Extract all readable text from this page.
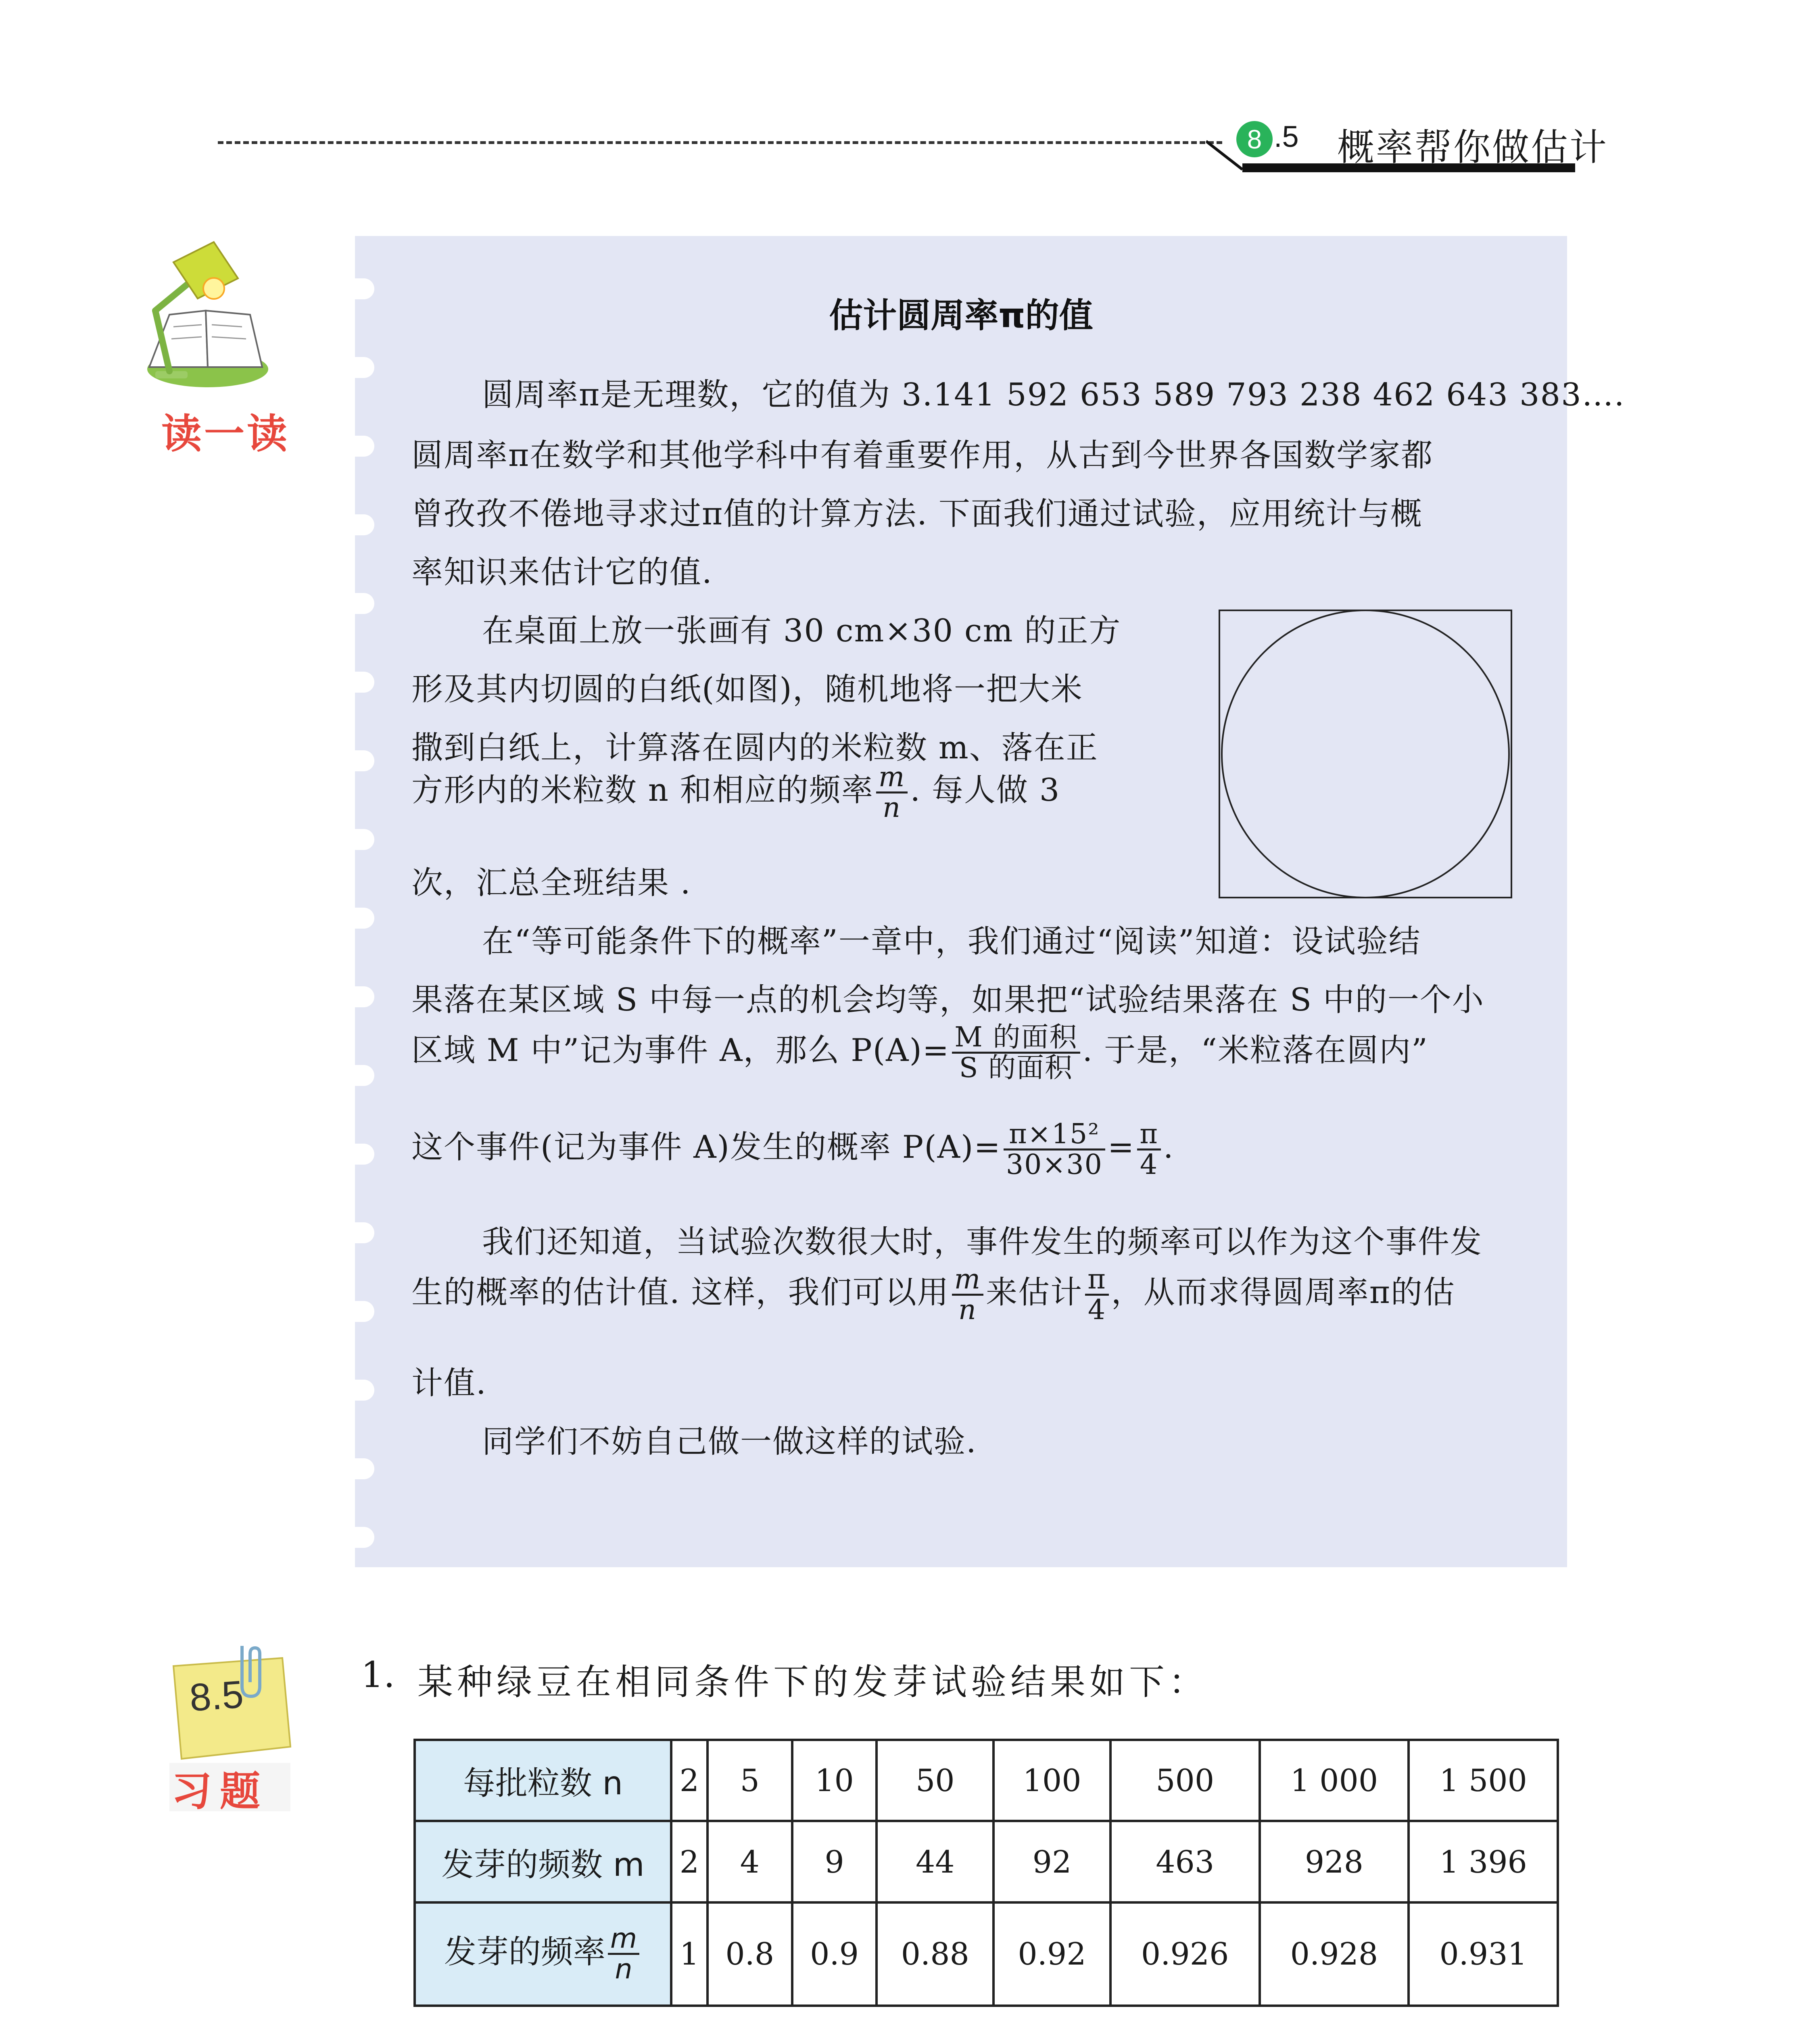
8 .5 概率帮你做估计
读一读
估计圆周率π的值
圆周率π是无理数，它的值为 3.141 592 653 589 793 238 462 643 383….
圆周率π在数学和其他学科中有着重要作用，从古到今世界各国数学家都
曾孜孜不倦地寻求过π值的计算方法. 下面我们通过试验，应用统计与概
率知识来估计它的值.
在桌面上放一张画有 30 cm×30 cm 的正方
形及其内切圆的白纸(如图)，随机地将一把大米
撒到白纸上，计算落在圆内的米粒数 m、落在正
方形内的米粒数 n 和相应的频率 $\frac{m}{n}$ . 每人做 3
次，汇总全班结果 .
在“等可能条件下的概率”一章中，我们通过“阅读”知道：设试验结
果落在某区域 S 中每一点的机会均等，如果把“试验结果落在 S 中的一个小
区域 M 中”记为事件 A，那么 $P(A)= \frac{\text{M 的面积}}{\text{S 的面积}}$ . 于是，“米粒落在圆内”
这个事件(记为事件 A)发生的概率 $P(A)= \frac{\text{π×15²}}{30\times 30} = \frac{\pi}{4}$ .
我们还知道，当试验次数很大时，事件发生的频率可以作为这个事件发
生的概率的估计值. 这样，我们可以用 $\frac{m}{n}$ 来估计 $\frac{\pi}{4}$ ，从而求得圆周率π的估
计值.
同学们不妨自己做一做这样的试验.
8.5
习题
1. 某种绿豆在相同条件下的发芽试验结果如下：
每批粒数 n	2	5	10	50	100	500	1 000	1 500
发芽的频数 m	2	4	9	44	92	463	928	1 396
发芽的频率 $\frac{m}{n}$	1	0.8	0.9	0.88	0.92	0.926	0.928	0.931
